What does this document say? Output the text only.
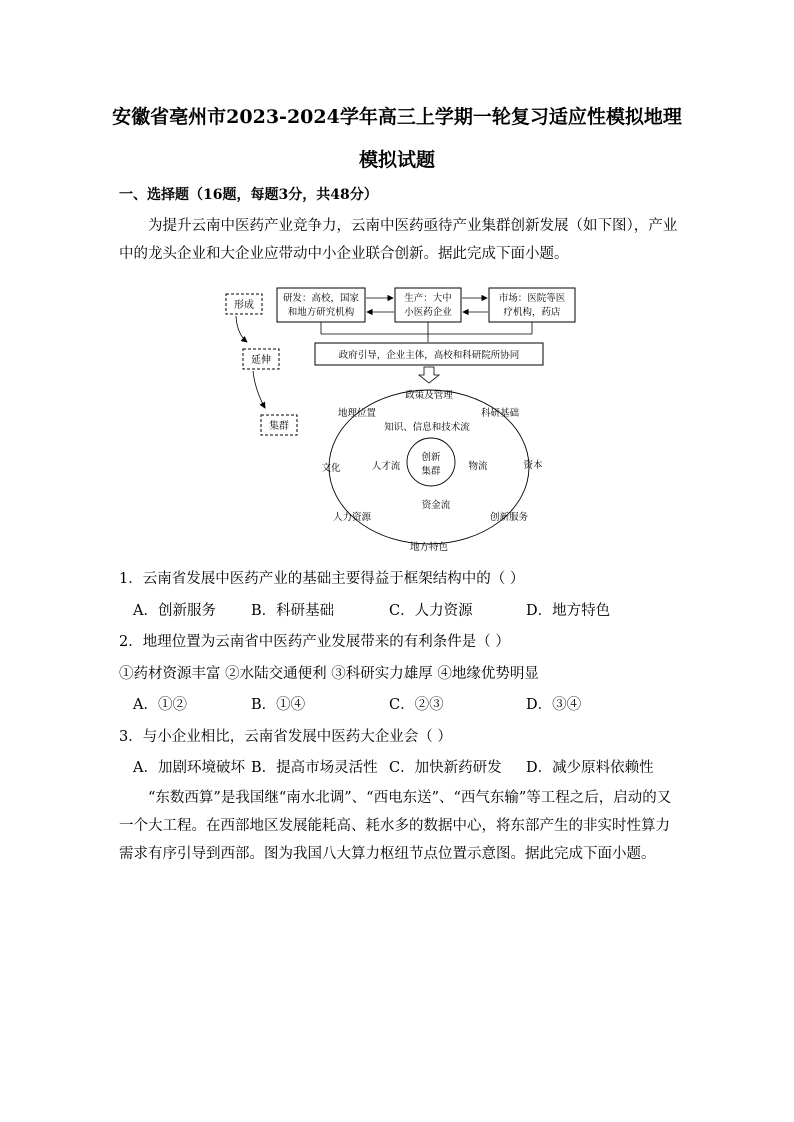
安徽省亳州市2023-2024学年高三上学期一轮复习适应性模拟地理
模拟试题
一、选择题（16题，每题3分，共48分）
为提升云南中医药产业竞争力，云南中医药亟待产业集群创新发展（如下图），产业中的龙头企业和大企业应带动中小企业联合创新。据此完成下面小题。
形成
延伸
集群
研发：高校，国家
和地方研究机构
生产：大中
小医药企业
市场：医院等医
疗机构，药店
政府引导，企业主体，高校和科研院所协同
政策及管理
地理位置	科研基础
知识、信息和技术流
文化	人才流
创新
集群	物流	资本
资金流
人力资源	创新服务
地方特色
1．云南省发展中医药产业的基础主要得益于框架结构中的（ ）
A．创新服务 B．科研基础	C．人力资源	D．地方特色
2．地理位置为云南省中医药产业发展带来的有利条件是（ ）
①药材资源丰富 ②水陆交通便利 ③科研实力雄厚 ④地缘优势明显
A．①②	B．①④	C．②③	D．③④
3．与小企业相比，云南省发展中医药大企业会（ ）
A．加剧环境破坏 B．提高市场灵活性 C．加快新药研发 D．减少原料依赖性
“东数西算”是我国继“南水北调”、“西电东送”、“西气东输”等工程之后，启动的又一个大工程。在西部地区发展能耗高、耗水多的数据中心，将东部产生的非实时性算力需求有序引导到西部。图为我国八大算力枢纽节点位置示意图。据此完成下面小题。
